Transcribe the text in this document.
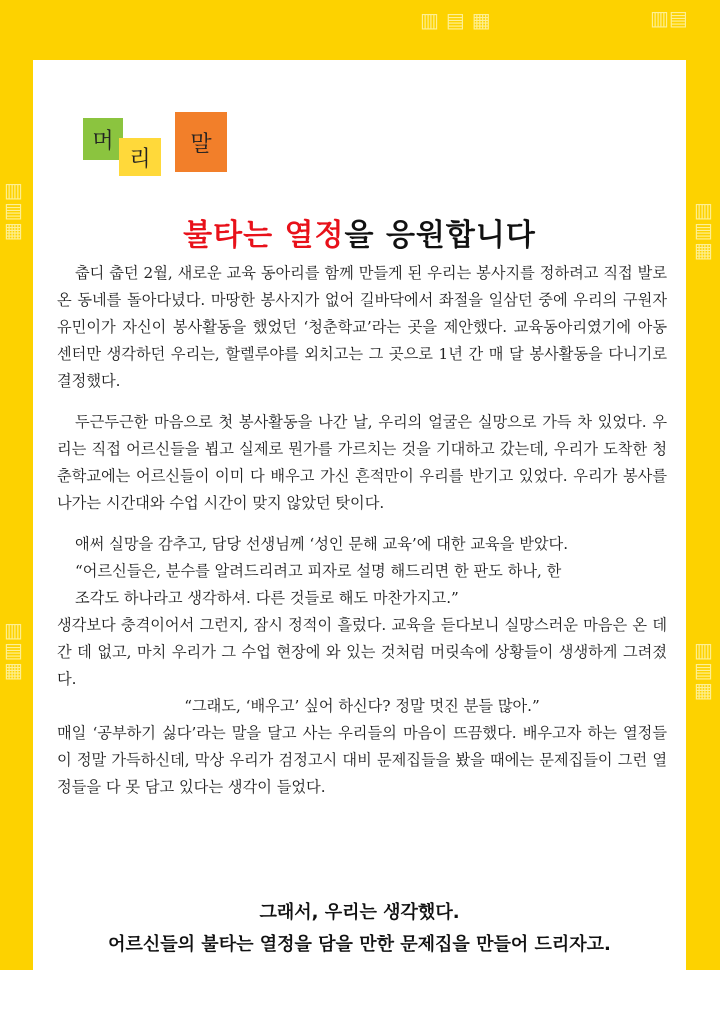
▥
▤
▦
▥
▤
▦
▥
▤
▦
▥
▤
▦
▥ ▤ ▦	▥▤
머
리
말
불타는 열정을 응원합니다

춥디 춥던 2월, 새로운 교육 동아리를 함께 만들게 된 우리는 봉사지를 정하려고 직접 발로 온 동네를 돌아다녔다. 마땅한 봉사지가 없어 길바닥에서 좌절을 일삼던 중에 우리의 구원자 유민이가 자신이 봉사활동을 했었던 ‘청춘학교’라는 곳을 제안했다. 교육동아리였기에 아동센터만 생각하던 우리는, 할렐루야를 외치고는 그 곳으로 1년 간 매 달 봉사활동을 다니기로 결정했다.

두근두근한 마음으로 첫 봉사활동을 나간 날, 우리의 얼굴은 실망으로 가득 차 있었다. 우리는 직접 어르신들을 뵙고 실제로 뭔가를 가르치는 것을 기대하고 갔는데, 우리가 도착한 청춘학교에는 어르신들이 이미 다 배우고 가신 흔적만이 우리를 반기고 있었다. 우리가 봉사를 나가는 시간대와 수업 시간이 맞지 않았던 탓이다.

애써 실망을 감추고, 담당 선생님께 ‘성인 문해 교육’에 대한 교육을 받았다.

“어르신들은, 분수를 알려드리려고 피자로 설명 해드리면 한 판도 하나, 한

조각도 하나라고 생각하셔. 다른 것들로 해도 마찬가지고.”

생각보다 충격이어서 그런지, 잠시 정적이 흘렀다. 교육을 듣다보니 실망스러운 마음은 온 데 간 데 없고, 마치 우리가 그 수업 현장에 와 있는 것처럼 머릿속에 상황들이 생생하게 그려졌다.

“그래도, ‘배우고’ 싶어 하신다? 정말 멋진 분들 많아.”

매일 ‘공부하기 싫다’라는 말을 달고 사는 우리들의 마음이 뜨끔했다. 배우고자 하는 열정들이 정말 가득하신데, 막상 우리가 검정고시 대비 문제집들을 봤을 때에는 문제집들이 그런 열정들을 다 못 담고 있다는 생각이 들었다.

그래서, 우리는 생각했다.
어르신들의 불타는 열정을 담을 만한 문제집을 만들어 드리자고.
